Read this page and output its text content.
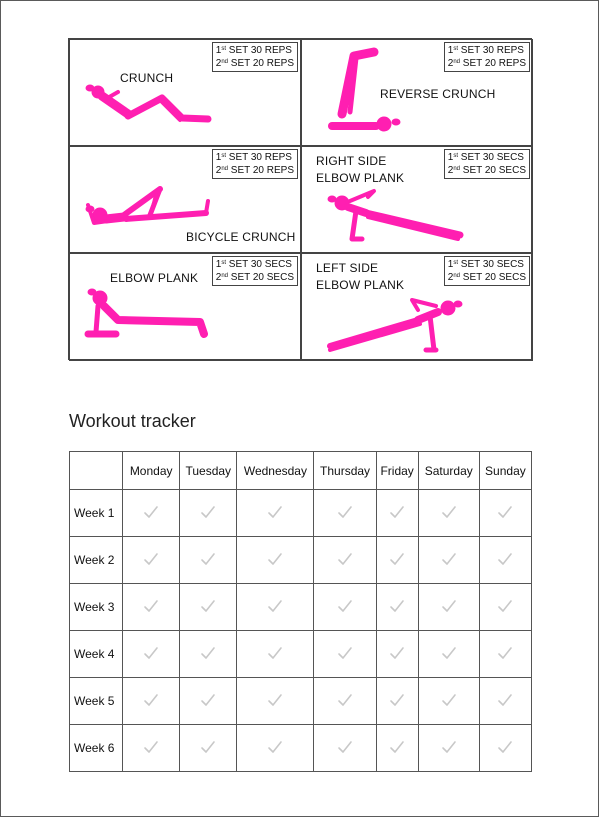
CRUNCH
1st SET 30 REPS
2nd SET 20 REPS
REVERSE CRUNCH
1st SET 30 REPS
2nd SET 20 REPS
BICYCLE CRUNCH
1st SET 30 REPS
2nd SET 20 REPS
RIGHT SIDE
ELBOW PLANK
1st SET 30 SECS
2nd SET 20 SECS
ELBOW PLANK
1st SET 30 SECS
2nd SET 20 SECS
LEFT SIDE
ELBOW PLANK
1st SET 30 SECS
2nd SET 20 SECS
Workout tracker
	Monday	Tuesday	Wednesday	Thursday	Friday	Saturday	Sunday
Week 1	

Week 2	

Week 3	

Week 4	

Week 5	

Week 6	
